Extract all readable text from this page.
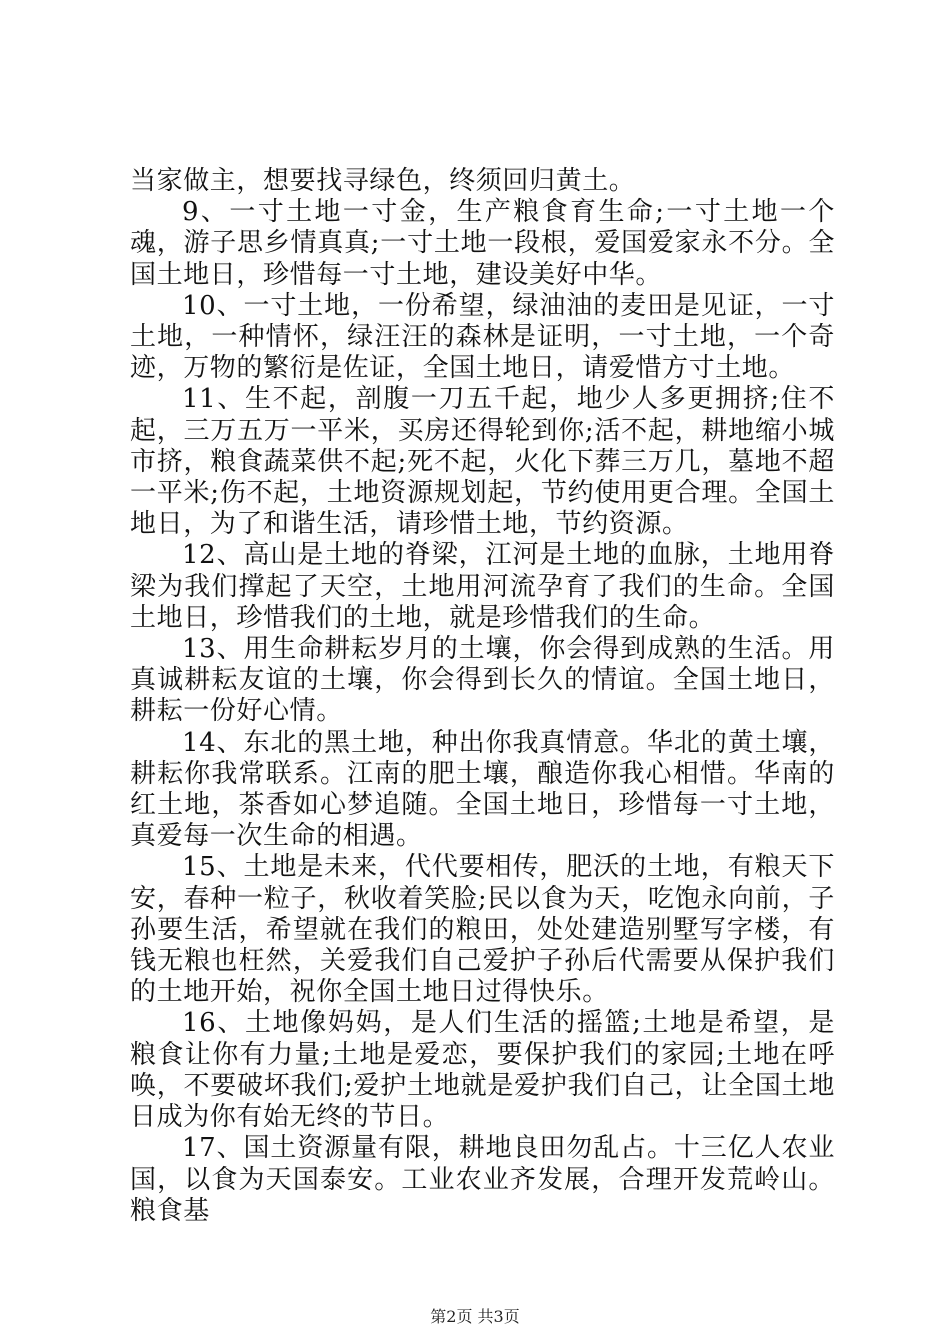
当家做主，想要找寻绿色，终须回归黄土。

9、一寸土地一寸金，生产粮食育生命;一寸土地一个魂，游子思乡情真真;一寸土地一段根，爱国爱家永不分。全国土地日，珍惜每一寸土地，建设美好中华。

10、一寸土地，一份希望，绿油油的麦田是见证，一寸土地，一种情怀，绿汪汪的森林是证明，一寸土地，一个奇迹，万物的繁衍是佐证，全国土地日，请爱惜方寸土地。

11、生不起，剖腹一刀五千起，地少人多更拥挤;住不起，三万五万一平米，买房还得轮到你;活不起，耕地缩小城市挤，粮食蔬菜供不起;死不起，火化下葬三万几，墓地不超一平米;伤不起，土地资源规划起，节约使用更合理。全国土地日，为了和谐生活，请珍惜土地，节约资源。

12、高山是土地的脊梁，江河是土地的血脉，土地用脊梁为我们撑起了天空，土地用河流孕育了我们的生命。全国土地日，珍惜我们的土地，就是珍惜我们的生命。

13、用生命耕耘岁月的土壤，你会得到成熟的生活。用真诚耕耘友谊的土壤，你会得到长久的情谊。全国土地日，耕耘一份好心情。

14、东北的黑土地，种出你我真情意。华北的黄土壤，耕耘你我常联系。江南的肥土壤，酿造你我心相惜。华南的红土地，茶香如心梦追随。全国土地日，珍惜每一寸土地，真爱每一次生命的相遇。

15、土地是未来，代代要相传，肥沃的土地，有粮天下安，春种一粒子，秋收着笑脸;民以食为天，吃饱永向前，子孙要生活，希望就在我们的粮田，处处建造别墅写字楼，有钱无粮也枉然，关爱我们自己爱护子孙后代需要从保护我们的土地开始，祝你全国土地日过得快乐。

16、土地像妈妈，是人们生活的摇篮;土地是希望，是粮食让你有力量;土地是爱恋，要保护我们的家园;土地在呼唤，不要破坏我们;爱护土地就是爱护我们自己，让全国土地日成为你有始无终的节日。

17、国土资源量有限，耕地良田勿乱占。十三亿人农业国，以食为天国泰安。工业农业齐发展，合理开发荒岭山。粮食基

第2页 共3页
